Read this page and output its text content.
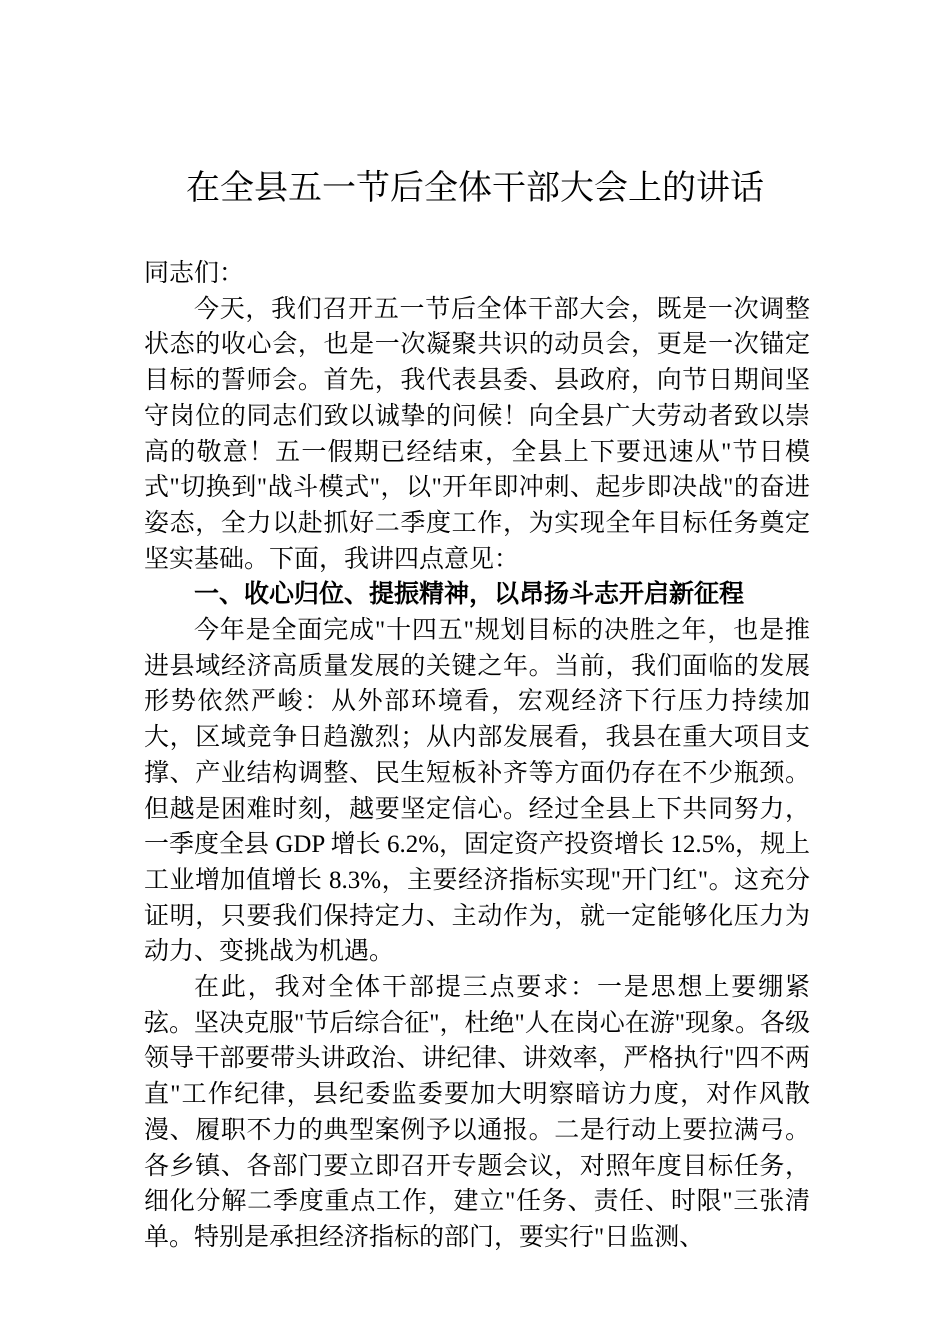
在全县五一节后全体干部大会上的讲话

同志们：

今天，我们召开五一节后全体干部大会，既是一次调整状态的收心会，也是一次凝聚共识的动员会，更是一次锚定目标的誓师会。首先，我代表县委、县政府，向节日期间坚守岗位的同志们致以诚挚的问候！向全县广大劳动者致以崇高的敬意！五一假期已经结束，全县上下要迅速从"节日模式"切换到"战斗模式"，以"开年即冲刺、起步即决战"的奋进姿态，全力以赴抓好二季度工作，为实现全年目标任务奠定坚实基础。下面，我讲四点意见：

一、收心归位、提振精神，以昂扬斗志开启新征程

今年是全面完成"十四五"规划目标的决胜之年，也是推进县域经济高质量发展的关键之年。当前，我们面临的发展形势依然严峻：从外部环境看，宏观经济下行压力持续加大，区域竞争日趋激烈；从内部发展看，我县在重大项目支撑、产业结构调整、民生短板补齐等方面仍存在不少瓶颈。但越是困难时刻，越要坚定信心。经过全县上下共同努力，一季度全县 GDP 增长 6.2%，固定资产投资增长 12.5%，规上工业增加值增长 8.3%，主要经济指标实现"开门红"。这充分证明，只要我们保持定力、主动作为，就一定能够化压力为动力、变挑战为机遇。

在此，我对全体干部提三点要求：一是思想上要绷紧弦。坚决克服"节后综合征"，杜绝"人在岗心在游"现象。各级领导干部要带头讲政治、讲纪律、讲效率，严格执行"四不两直"工作纪律，县纪委监委要加大明察暗访力度，对作风散漫、履职不力的典型案例予以通报。二是行动上要拉满弓。各乡镇、各部门要立即召开专题会议，对照年度目标任务，细化分解二季度重点工作，建立"任务、责任、时限"三张清单。特别是承担经济指标的部门，要实行"日监测、
